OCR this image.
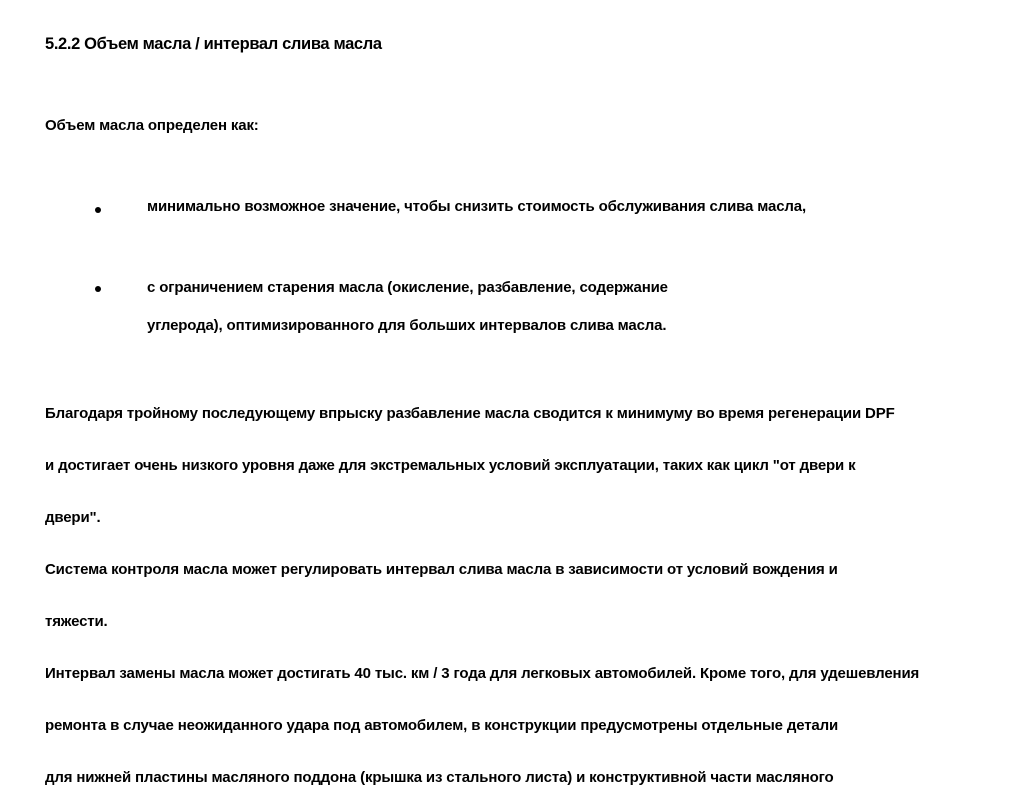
5.2.2 Объем масла / интервал слива масла
Объем масла определен как:
минимально возможное значение, чтобы снизить стоимость обслуживания слива масла,
с ограничением старения масла (окисление, разбавление, содержание
углерода), оптимизированного для больших интервалов слива масла.
Благодаря тройному последующему впрыску разбавление масла сводится к минимуму во время регенерации DPF
и достигает очень низкого уровня даже для экстремальных условий эксплуатации, таких как цикл "от двери к
двери".
Система контроля масла может регулировать интервал слива масла в зависимости от условий вождения и
тяжести.
Интервал замены масла может достигать 40 тыс. км / 3 года для легковых автомобилей. Кроме того, для удешевления
ремонта в случае неожиданного удара под автомобилем, в конструкции предусмотрены отдельные детали
для нижней пластины масляного поддона (крышка из стального листа) и конструктивной части масляного
